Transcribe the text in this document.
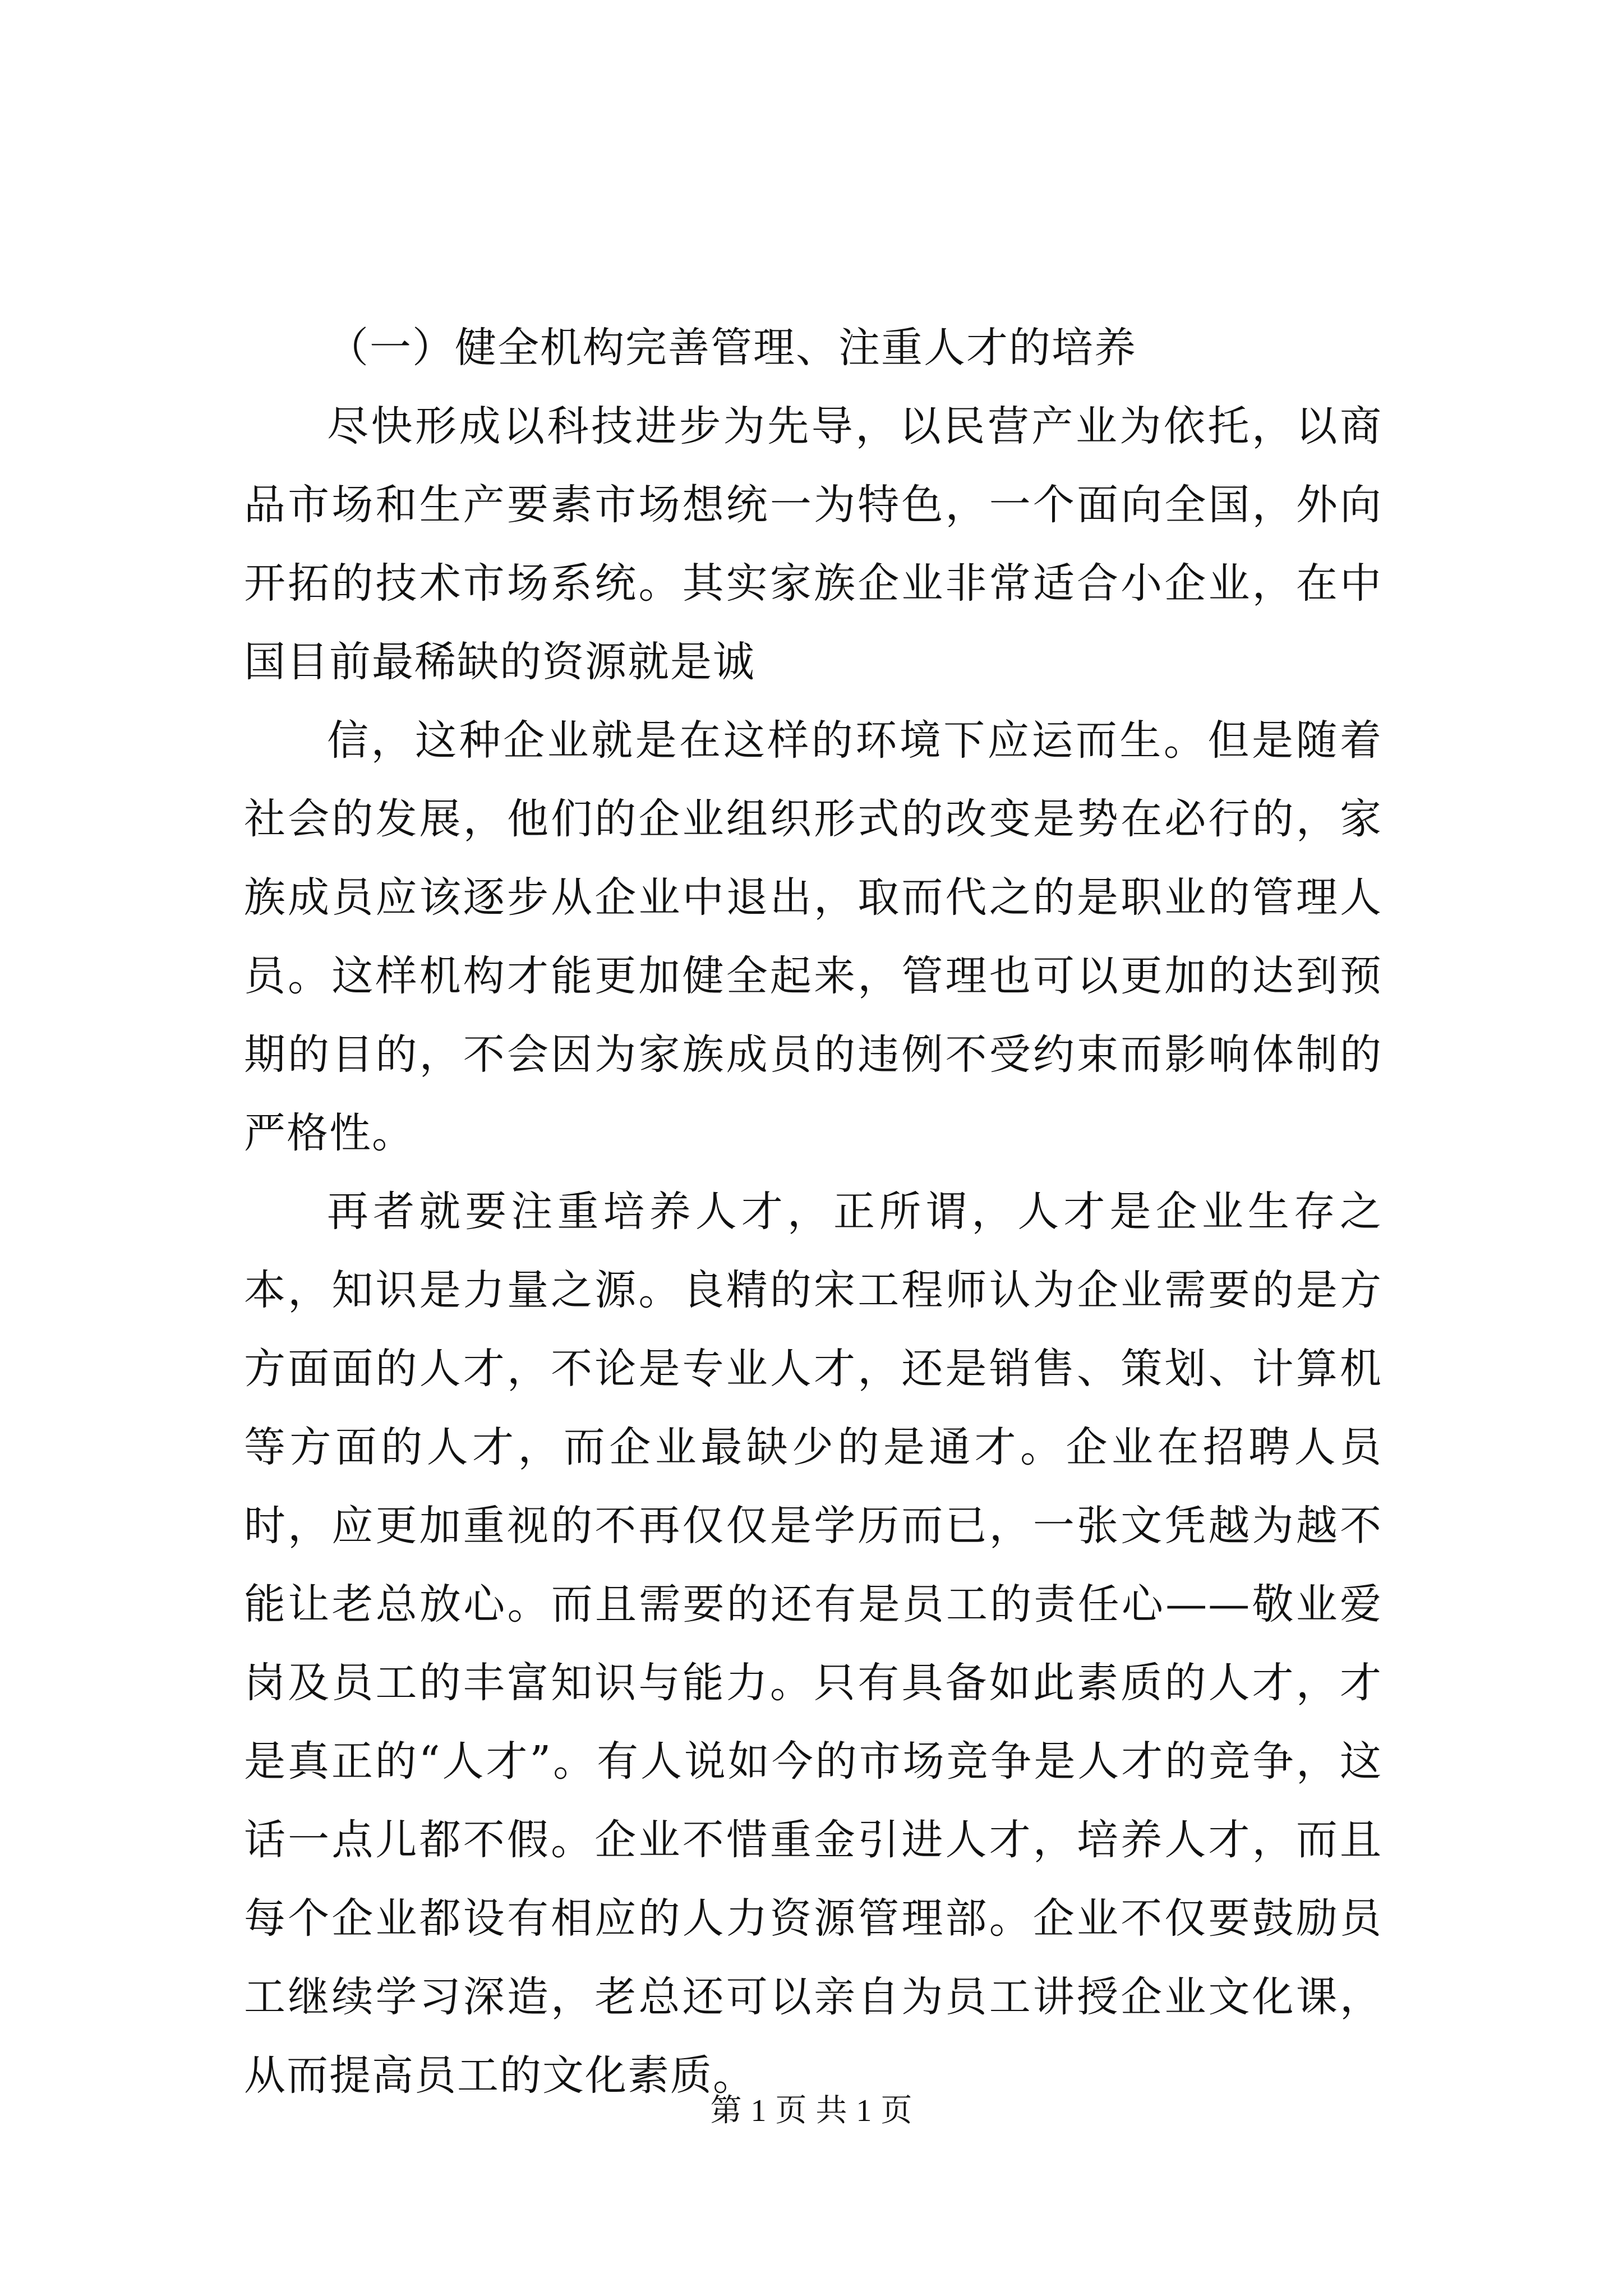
（一）健全机构完善管理、注重人才的培养

尽快形成以科技进步为先导，以民营产业为依托，以商品市场和生产要素市场想统一为特色，一个面向全国，外向开拓的技术市场系统。其实家族企业非常适合小企业，在中国目前最稀缺的资源就是诚

信，这种企业就是在这样的环境下应运而生。但是随着社会的发展，他们的企业组织形式的改变是势在必行的，家族成员应该逐步从企业中退出，取而代之的是职业的管理人员。这样机构才能更加健全起来，管理也可以更加的达到预期的目的，不会因为家族成员的违例不受约束而影响体制的严格性。

再者就要注重培养人才，正所谓，人才是企业生存之本，知识是力量之源。良精的宋工程师认为企业需要的是方方面面的人才，不论是专业人才，还是销售、策划、计算机等方面的人才，而企业最缺少的是通才。企业在招聘人员时，应更加重视的不再仅仅是学历而已，一张文凭越为越不能让老总放心。而且需要的还有是员工的责任心——敬业爱岗及员工的丰富知识与能力。只有具备如此素质的人才，才是真正的“人才”。有人说如今的市场竞争是人才的竞争，这话一点儿都不假。企业不惜重金引进人才，培养人才，而且每个企业都设有相应的人力资源管理部。企业不仅要鼓励员工继续学习深造，老总还可以亲自为员工讲授企业文化课，从而提高员工的文化素质。

第 1 页 共 1 页
